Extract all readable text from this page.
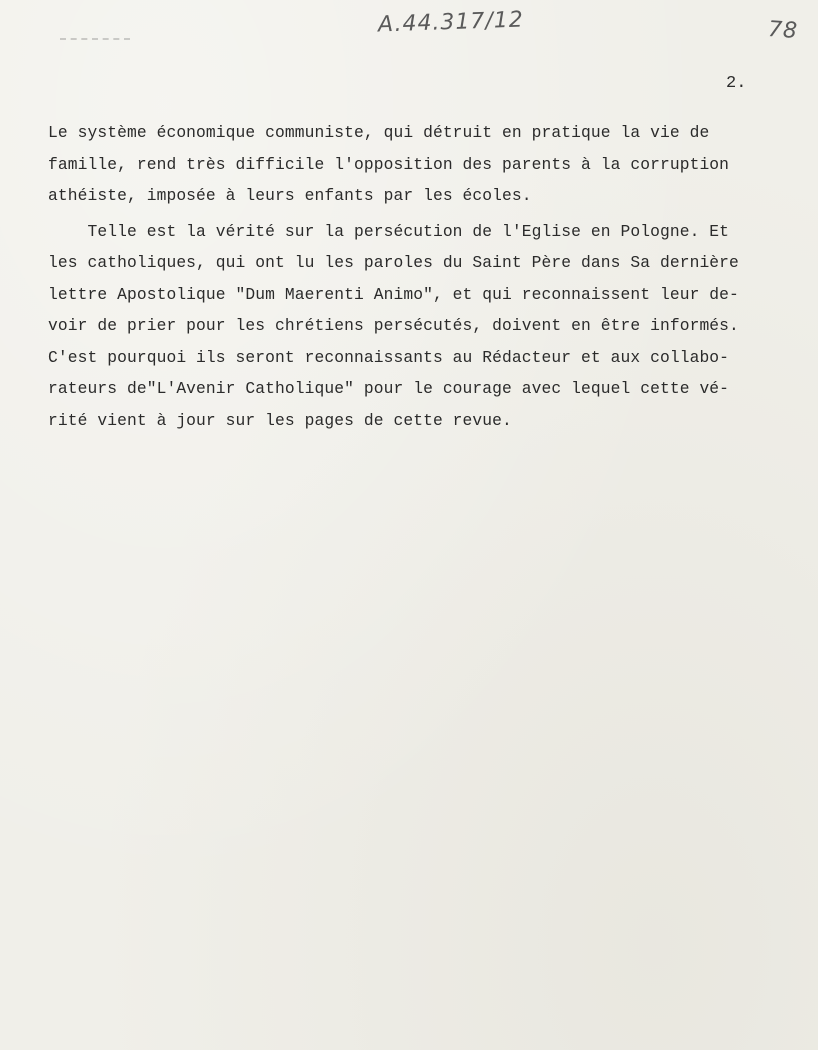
A.44.317/12	78
2.
Le système économique communiste, qui détruit en pratique la vie de
famille, rend très difficile l'opposition des parents à la corruption
athéiste, imposée à leurs enfants par les écoles.
Telle est la vérité sur la persécution de l'Eglise en Pologne. Et
les catholiques, qui ont lu les paroles du Saint Père dans Sa dernière
lettre Apostolique "Dum Maerenti Animo", et qui reconnaissent leur de-
voir de prier pour les chrétiens persécutés, doivent en être informés.
C'est pourquoi ils seront reconnaissants au Rédacteur et aux collabo-
rateurs de"L'Avenir Catholique" pour le courage avec lequel cette vé-
rité vient à jour sur les pages de cette revue.
